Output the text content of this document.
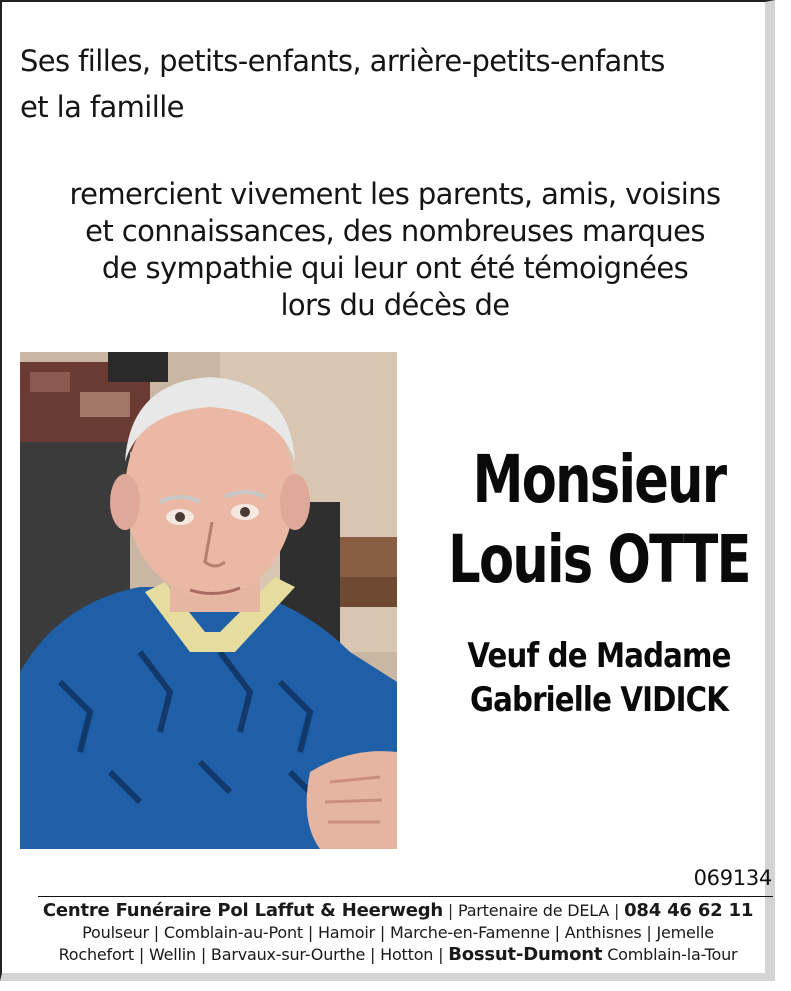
Ses filles, petits-enfants, arrière-petits-enfants
et la famille
remercient vivement les parents, amis, voisins
et connaissances, des nombreuses marques
de sympathie qui leur ont été témoignées
lors du décès de
Monsieur
Louis OTTE
Veuf de Madame
Gabrielle VIDICK
069134
Centre Funéraire Pol Laffut & Heerwegh | Partenaire de DELA | 084 46 62 11
Poulseur | Comblain-au-Pont | Hamoir | Marche-en-Famenne | Anthisnes | Jemelle
Rochefort | Wellin | Barvaux-sur-Ourthe | Hotton | Bossut-Dumont Comblain-la-Tour
